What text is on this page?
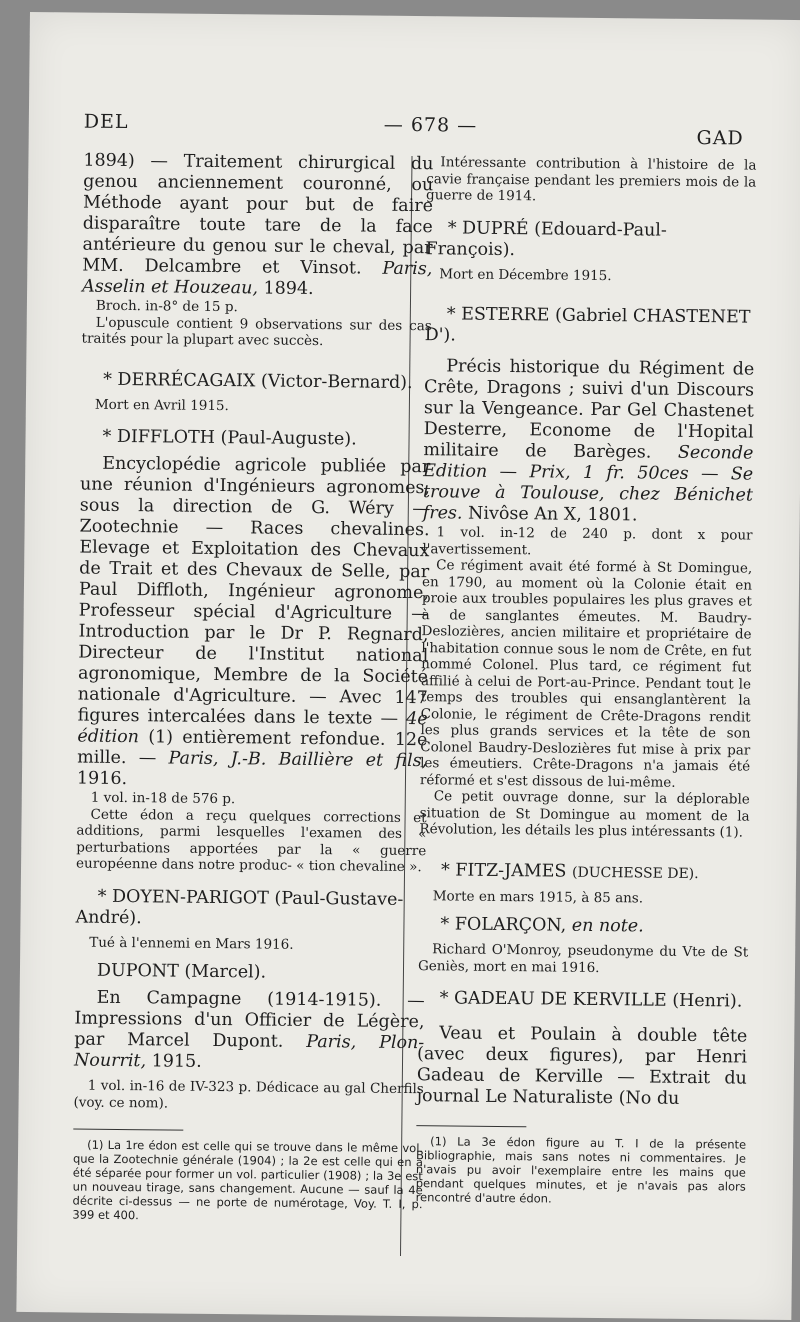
DEL	— 678 —
GAD

1894) — Traitement chirurgical du genou anciennement couronné, ou Méthode ayant pour but de faire disparaître toute tare de la face antérieure du genou sur le cheval, par MM. Delcambre et Vinsot. Paris, Asselin et Houzeau, 1894.

Broch. in-8° de 15 p.

L'opuscule contient 9 observations sur des cas traités pour la plupart avec succès.

* DERRÉCAGAIX (Victor-Bernard).

Mort en Avril 1915.

* DIFFLOTH (Paul-Auguste).

Encyclopédie agricole publiée par une réunion d'Ingénieurs agronomes, sous la direction de G. Wéry — Zootechnie — Races chevalines. Elevage et Exploitation des Chevaux de Trait et des Chevaux de Selle, par Paul Diffloth, Ingénieur agronome, Professeur spécial d'Agriculture — Introduction par le Dr P. Regnard, Directeur de l'Institut national agronomique, Membre de la Société nationale d'Agriculture. — Avec 147 figures intercalées dans le texte — 4e édition (1) entièrement refondue. 12e mille. — Paris, J.-B. Baillière et fils, 1916.

1 vol. in-18 de 576 p.

Cette édon a reçu quelques corrections et additions, parmi lesquelles l'examen des « perturbations apportées par la « guerre européenne dans notre produc- « tion chevaline ».

* DOYEN-PARIGOT (Paul-Gustave-André).

Tué à l'ennemi en Mars 1916.

DUPONT (Marcel).

En Campagne (1914-1915). — Impressions d'un Officier de Légère, par Marcel Dupont. Paris, Plon-Nourrit, 1915.

1 vol. in-16 de IV-323 p. Dédicace au gal Cherfils (voy. ce nom).

(1) La 1re édon est celle qui se trouve dans le même vol. que la Zootechnie générale (1904) ; la 2e est celle qui en a été séparée pour former un vol. particulier (1908) ; la 3e est un nouveau tirage, sans changement. Aucune — sauf la 4e décrite ci-dessus — ne porte de numérotage, Voy. T. I, p. 399 et 400.

Intéressante contribution à l'histoire de la cavie française pendant les premiers mois de la guerre de 1914.

* DUPRÉ (Edouard-Paul-François).

Mort en Décembre 1915.

* ESTERRE (Gabriel CHASTENET D').

Précis historique du Régiment de Crête, Dragons ; suivi d'un Discours sur la Vengeance. Par Gel Chastenet Desterre, Econome de l'Hopital militaire de Barèges. Seconde Edition — Prix, 1 fr. 50ces — Se trouve à Toulouse, chez Bénichet fres. Nivôse An X, 1801.

1 vol. in-12 de 240 p. dont x pour l'avertissement.

Ce régiment avait été formé à St Domingue, en 1790, au moment où la Colonie était en proie aux troubles populaires les plus graves et à de sanglantes émeutes. M. Baudry-Deslozières, ancien militaire et propriétaire de l'habitation connue sous le nom de Crête, en fut nommé Colonel. Plus tard, ce régiment fut affilié à celui de Port-au-Prince. Pendant tout le temps des troubles qui ensanglantèrent la Colonie, le régiment de Crête-Dragons rendit les plus grands services et la tête de son Colonel Baudry-Deslozières fut mise à prix par les émeutiers. Crête-Dragons n'a jamais été réformé et s'est dissous de lui-même.

Ce petit ouvrage donne, sur la déplorable situation de St Domingue au moment de la Révolution, les détails les plus intéressants (1).

* FITZ-JAMES (DUCHESSE DE).

Morte en mars 1915, à 85 ans.

* FOLARÇON, en note.

Richard O'Monroy, pseudonyme du Vte de St Geniès, mort en mai 1916.

* GADEAU DE KERVILLE (Henri).

Veau et Poulain à double tête (avec deux figures), par Henri Gadeau de Kerville — Extrait du journal Le Naturaliste (No du

(1) La 3e édon figure au T. I de la présente Bibliographie, mais sans notes ni commentaires. Je n'avais pu avoir l'exemplaire entre les mains que pendant quelques minutes, et je n'avais pas alors rencontré d'autre édon.
